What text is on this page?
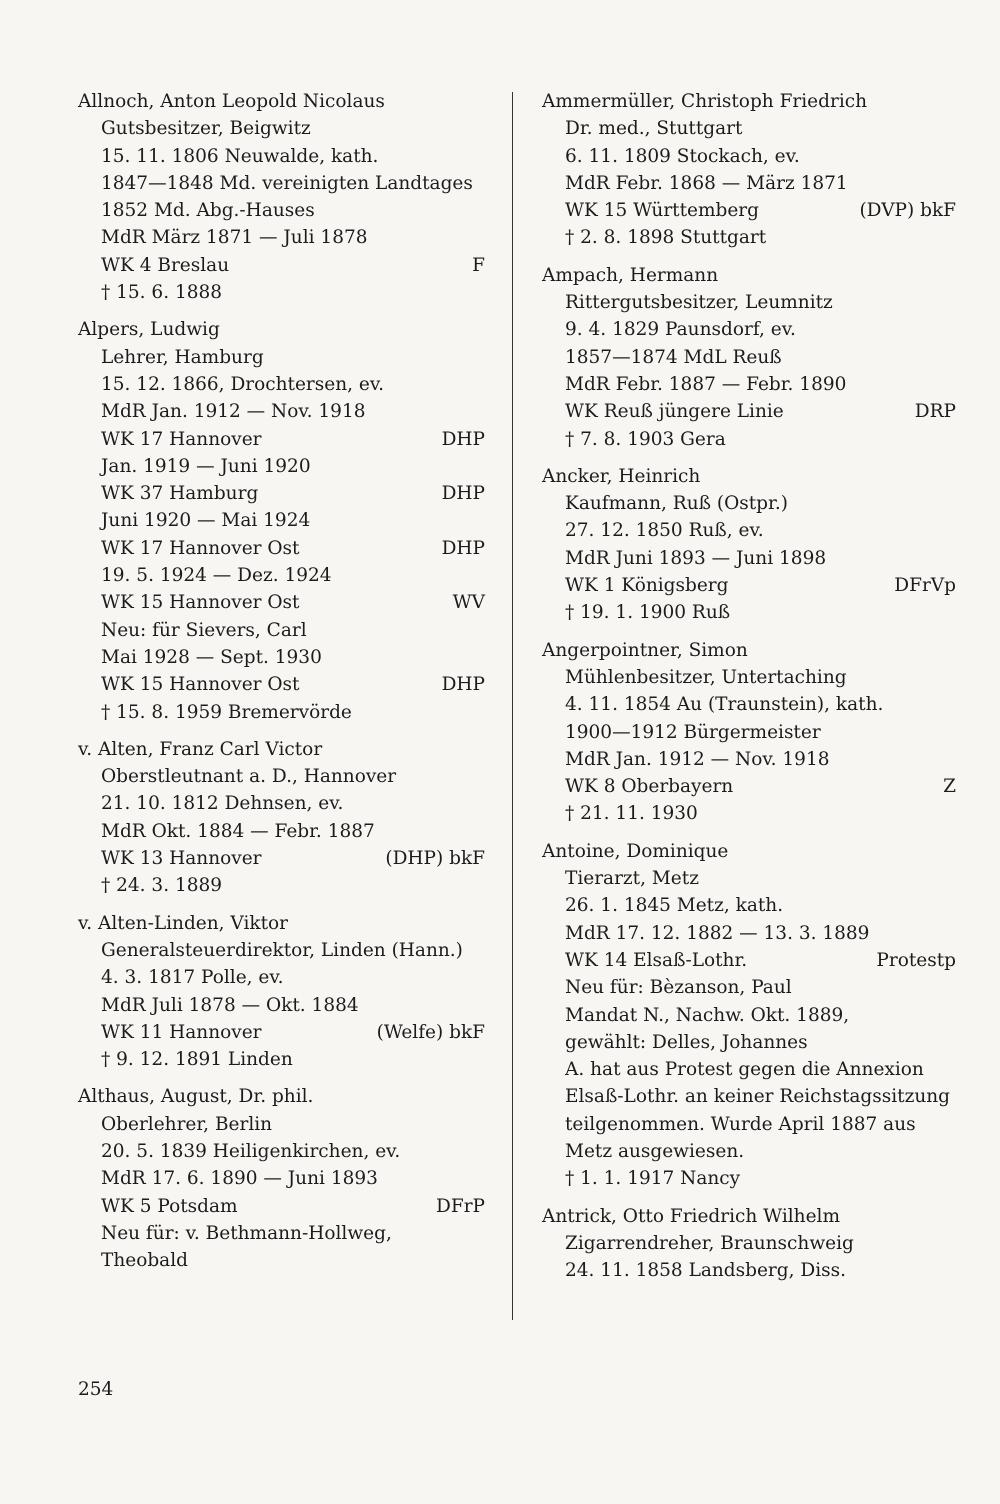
Allnoch, Anton Leopold Nicolaus
Gutsbesitzer, Beigwitz
15. 11. 1806 Neuwalde, kath.
1847—1848 Md. vereinigten Landtages
1852 Md. Abg.-Hauses
MdR März 1871 — Juli 1878
WK 4 Breslau	F
† 15. 6. 1888
Alpers, Ludwig
Lehrer, Hamburg
15. 12. 1866, Drochtersen, ev.
MdR Jan. 1912 — Nov. 1918
WK 17 Hannover	DHP
Jan. 1919 — Juni 1920
WK 37 Hamburg	DHP
Juni 1920 — Mai 1924
WK 17 Hannover Ost	DHP
19. 5. 1924 — Dez. 1924
WK 15 Hannover Ost	WV
Neu: für Sievers, Carl
Mai 1928 — Sept. 1930
WK 15 Hannover Ost	DHP
† 15. 8. 1959 Bremervörde
v. Alten, Franz Carl Victor
Oberstleutnant a. D., Hannover
21. 10. 1812 Dehnsen, ev.
MdR Okt. 1884 — Febr. 1887
WK 13 Hannover	(DHP) bkF
† 24. 3. 1889
v. Alten-Linden, Viktor
Generalsteuerdirektor, Linden (Hann.)
4. 3. 1817 Polle, ev.
MdR Juli 1878 — Okt. 1884
WK 11 Hannover	(Welfe) bkF
† 9. 12. 1891 Linden
Althaus, August, Dr. phil.
Oberlehrer, Berlin
20. 5. 1839 Heiligenkirchen, ev.
MdR 17. 6. 1890 — Juni 1893
WK 5 Potsdam	DFrP
Neu für: v. Bethmann-Hollweg,
Theobald
Ammermüller, Christoph Friedrich
Dr. med., Stuttgart
6. 11. 1809 Stockach, ev.
MdR Febr. 1868 — März 1871
WK 15 Württemberg	(DVP) bkF
† 2. 8. 1898 Stuttgart
Ampach, Hermann
Rittergutsbesitzer, Leumnitz
9. 4. 1829 Paunsdorf, ev.
1857—1874 MdL Reuß
MdR Febr. 1887 — Febr. 1890
WK Reuß jüngere Linie	DRP
† 7. 8. 1903 Gera
Ancker, Heinrich
Kaufmann, Ruß (Ostpr.)
27. 12. 1850 Ruß, ev.
MdR Juni 1893 — Juni 1898
WK 1 Königsberg	DFrVp
† 19. 1. 1900 Ruß
Angerpointner, Simon
Mühlenbesitzer, Untertaching
4. 11. 1854 Au (Traunstein), kath.
1900—1912 Bürgermeister
MdR Jan. 1912 — Nov. 1918
WK 8 Oberbayern	Z
† 21. 11. 1930
Antoine, Dominique
Tierarzt, Metz
26. 1. 1845 Metz, kath.
MdR 17. 12. 1882 — 13. 3. 1889
WK 14 Elsaß-Lothr.	Protestp
Neu für: Bèzanson, Paul
Mandat N., Nachw. Okt. 1889,
gewählt: Delles, Johannes
A. hat aus Protest gegen die Annexion
Elsaß-Lothr. an keiner Reichstagssitzung
teilgenommen. Wurde April 1887 aus
Metz ausgewiesen.
† 1. 1. 1917 Nancy
Antrick, Otto Friedrich Wilhelm
Zigarrendreher, Braunschweig
24. 11. 1858 Landsberg, Diss.
254
